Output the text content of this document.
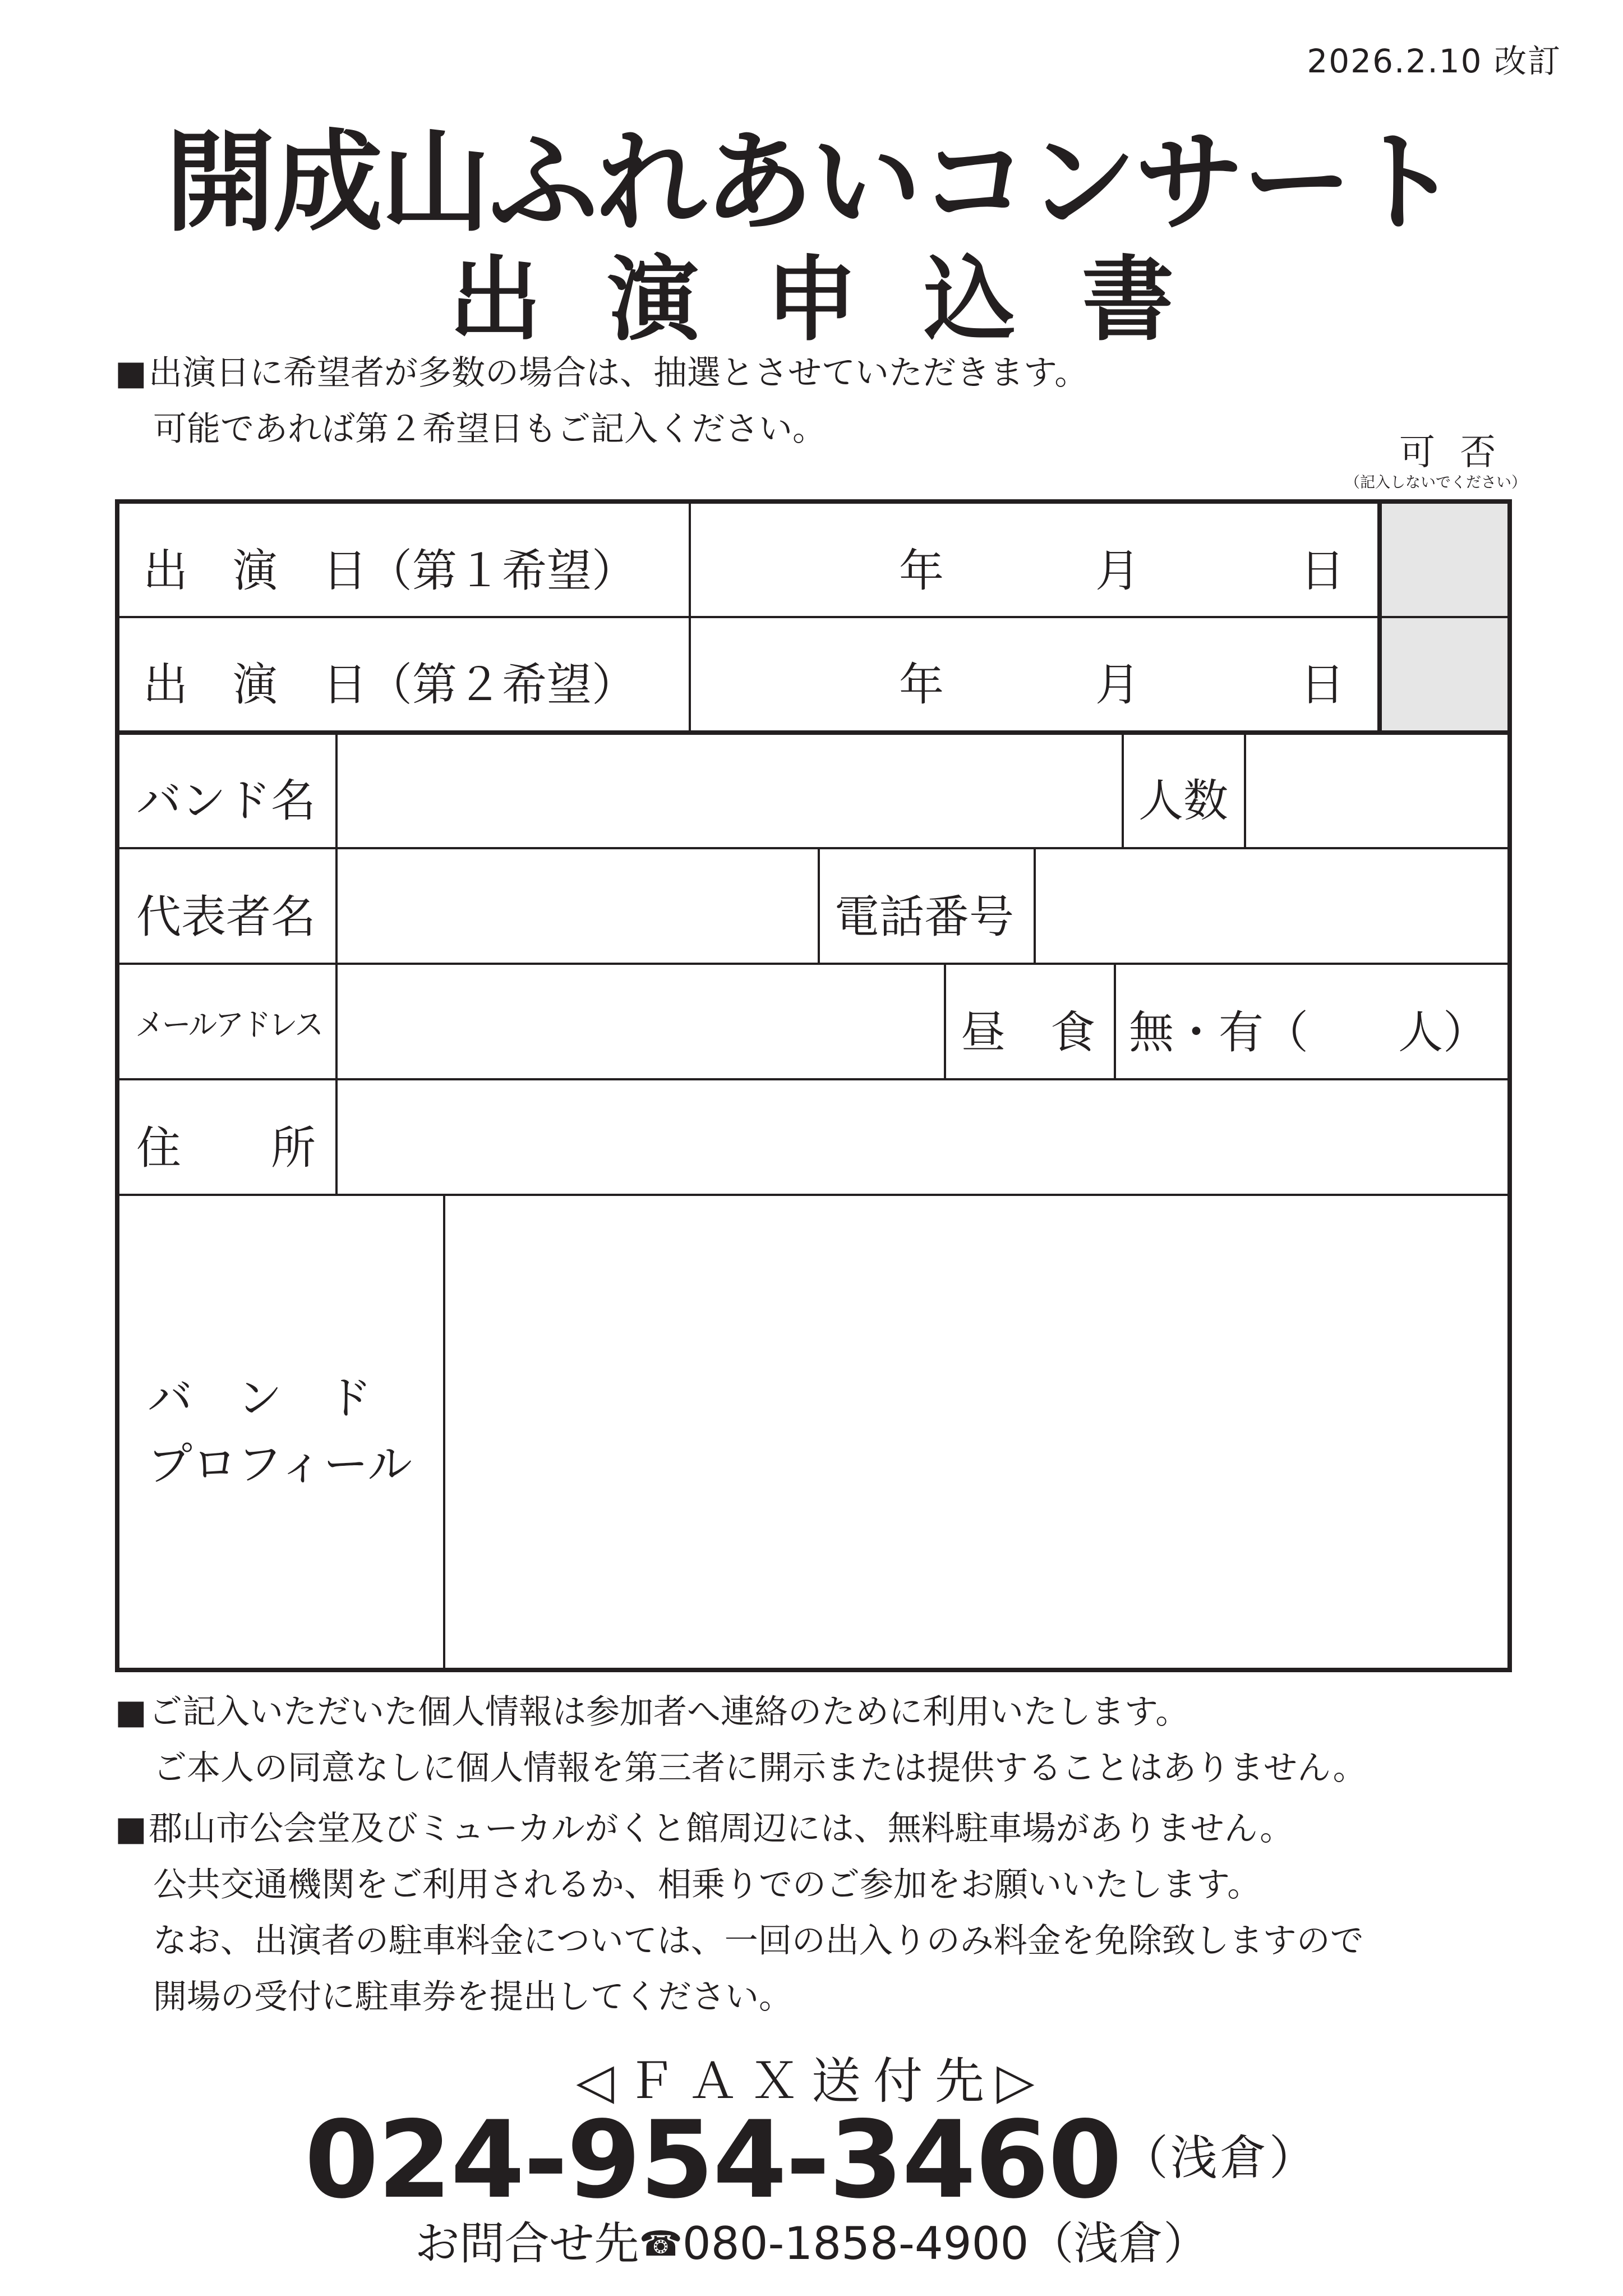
2026.2.10 改訂
開成山ふれあいコンサート
出演申込書
■出演日に希望者が多数の場合は、抽選とさせていただきます。
可能であれば第２希望日もご記入ください。
可 否
（記入しないでください）
出　演　日（第１希望）	年	月	日
出　演　日（第２希望）	年	月	日
バンド名	人数
代表者名	電話番号
メールアドレス	昼　食 無・有（　　人）
住　　所
バ　ン　ド
プロフィール
■ご記入いただいた個人情報は参加者へ連絡のために利用いたします。
ご本人の同意なしに個人情報を第三者に開示または提供することはありません。
■郡山市公会堂及びミューカルがくと館周辺には、無料駐車場がありません。
公共交通機関をご利用されるか、相乗りでのご参加をお願いいたします。
なお、出演者の駐車料金については、一回の出入りのみ料金を免除致しますので
開場の受付に駐車券を提出してください。
◁ＦＡＸ送付先▷
$024-954-3460^{(浅倉)}$
お問合せ先☎080-1858-4900（浅倉）
